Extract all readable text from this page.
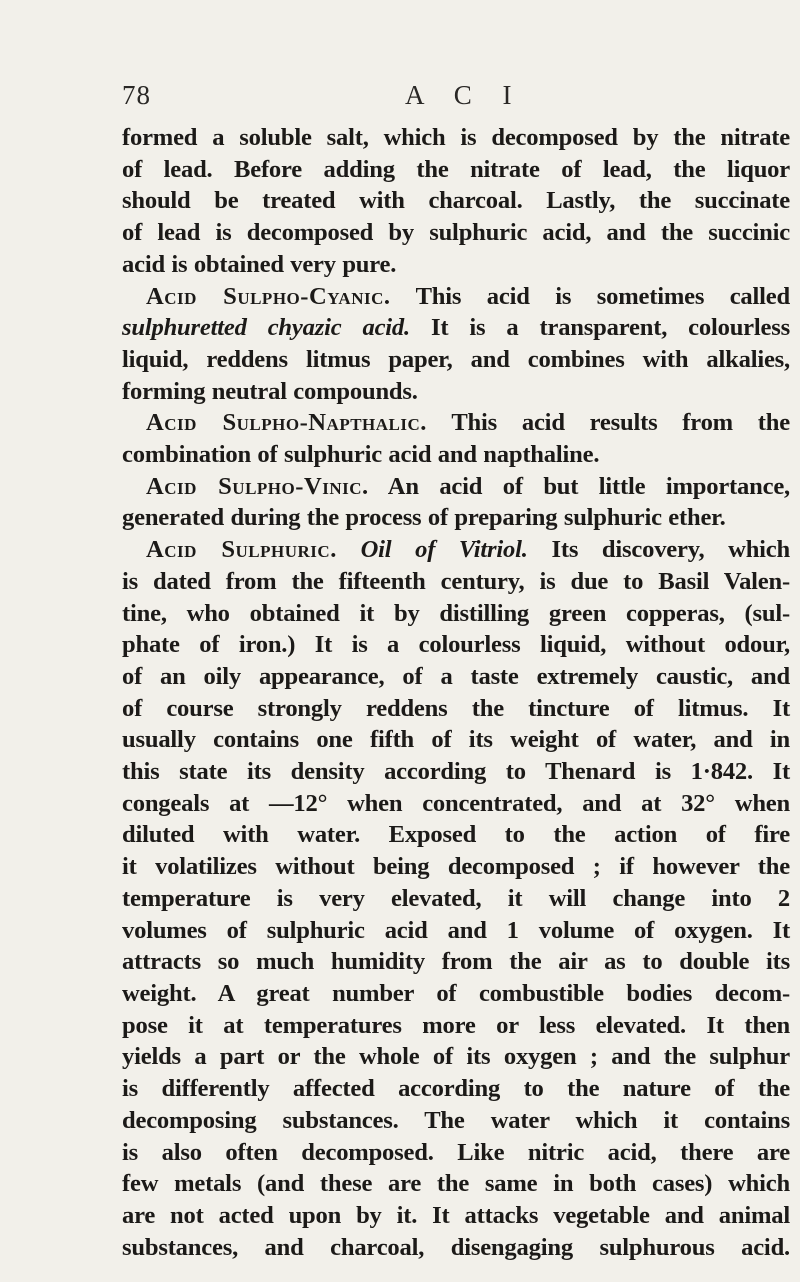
78	A C I

formed a soluble salt, which is decomposed by the nitrate
of lead. Before adding the nitrate of lead, the liquor
should be treated with charcoal. Lastly, the succinate
of lead is decomposed by sulphuric acid, and the succinic
acid is obtained very pure.

Acid Sulpho-Cyanic. This acid is sometimes called
sulphuretted chyazic acid. It is a transparent, colourless
liquid, reddens litmus paper, and combines with alkalies,
forming neutral compounds.

Acid Sulpho-Napthalic. This acid results from the
combination of sulphuric acid and napthaline.

Acid Sulpho-Vinic. An acid of but little importance,
generated during the process of preparing sulphuric ether.

Acid Sulphuric. Oil of Vitriol. Its discovery, which
is dated from the fifteenth century, is due to Basil Valen-
tine, who obtained it by distilling green copperas, (sul-
phate of iron.) It is a colourless liquid, without odour,
of an oily appearance, of a taste extremely caustic, and
of course strongly reddens the tincture of litmus. It
usually contains one fifth of its weight of water, and in
this state its density according to Thenard is 1·842. It
congeals at —12° when concentrated, and at 32° when
diluted with water. Exposed to the action of fire
it volatilizes without being decomposed ; if however the
temperature is very elevated, it will change into 2
volumes of sulphuric acid and 1 volume of oxygen. It
attracts so much humidity from the air as to double its
weight. A great number of combustible bodies decom-
pose it at temperatures more or less elevated. It then
yields a part or the whole of its oxygen ; and the sulphur
is differently affected according to the nature of the
decomposing substances. The water which it contains
is also often decomposed. Like nitric acid, there are
few metals (and these are the same in both cases) which
are not acted upon by it. It attacks vegetable and animal
substances, and charcoal, disengaging sulphurous acid.
